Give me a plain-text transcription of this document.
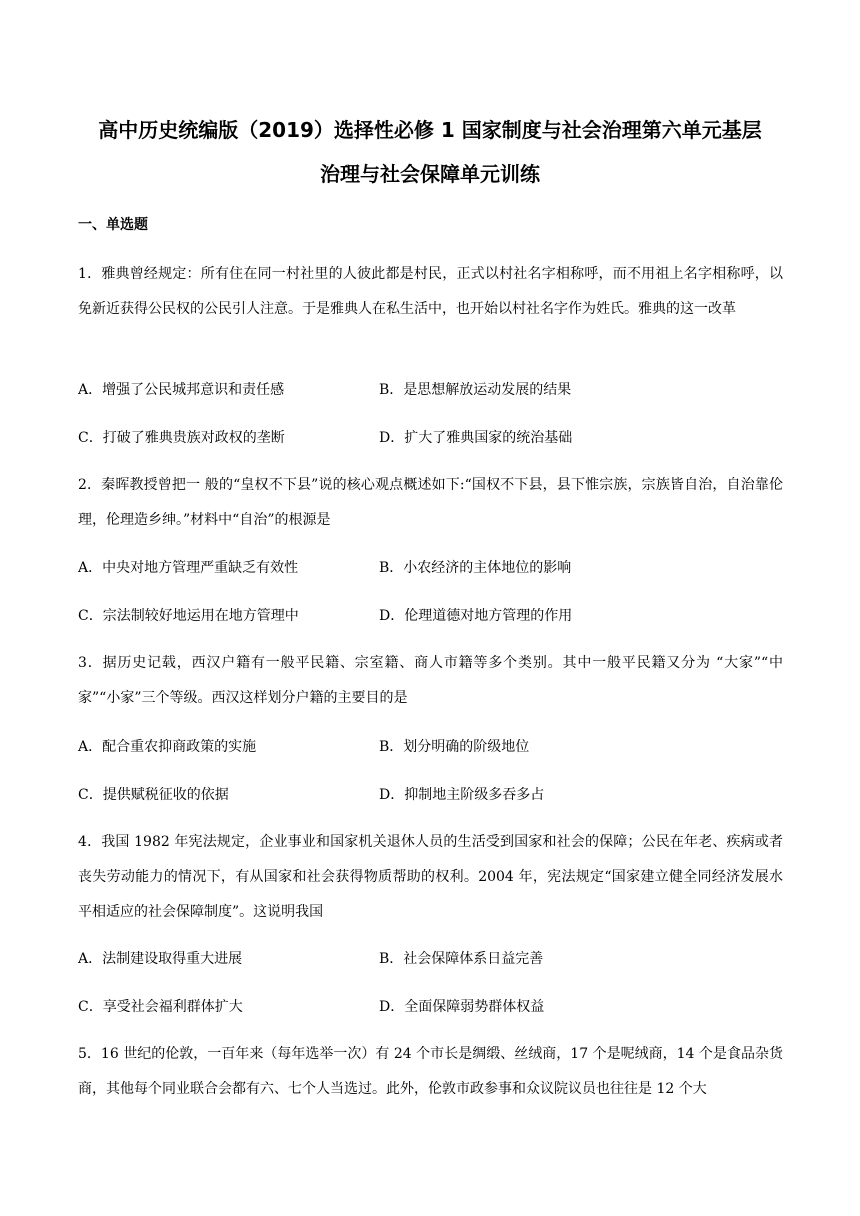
高中历史统编版（2019）选择性必修 1 国家制度与社会治理第六单元基层
治理与社会保障单元训练
一、单选题
1．雅典曾经规定：所有住在同一村社里的人彼此都是村民，正式以村社名字相称呼，而不用祖上名字相称呼，以免新近获得公民权的公民引人注意。于是雅典人在私生活中，也开始以村社名字作为姓氏。雅典的这一改革
A．增强了公民城邦意识和责任感	B．是思想解放运动发展的结果
C．打破了雅典贵族对政权的垄断	D．扩大了雅典国家的统治基础
2．秦晖教授曾把一 般的“皇权不下县”说的核心观点概述如下:“国权不下县，县下惟宗族，宗族皆自治，自治靠伦理，伦理造乡绅。”材料中“自治”的根源是
A．中央对地方管理严重缺乏有效性	B．小农经济的主体地位的影响
C．宗法制较好地运用在地方管理中	D．伦理道德对地方管理的作用
3．据历史记载，西汉户籍有一般平民籍、宗室籍、商人市籍等多个类别。其中一般平民籍又分为 “大家”“中家”“小家”三个等级。西汉这样划分户籍的主要目的是
A．配合重农抑商政策的实施	B．划分明确的阶级地位
C．提供赋税征收的依据	D．抑制地主阶级多吞多占
4．我国 1982 年宪法规定，企业事业和国家机关退休人员的生活受到国家和社会的保障；公民在年老、疾病或者丧失劳动能力的情况下，有从国家和社会获得物质帮助的权利。2004 年，宪法规定“国家建立健全同经济发展水平相适应的社会保障制度”。这说明我国
A．法制建设取得重大进展	B．社会保障体系日益完善
C．享受社会福利群体扩大	D．全面保障弱势群体权益
5．16 世纪的伦敦，一百年来（每年选举一次）有 24 个市长是绸缎、丝绒商，17 个是呢绒商，14 个是食品杂货商，其他每个同业联合会都有六、七个人当选过。此外，伦敦市政参事和众议院议员也往往是 12 个大
